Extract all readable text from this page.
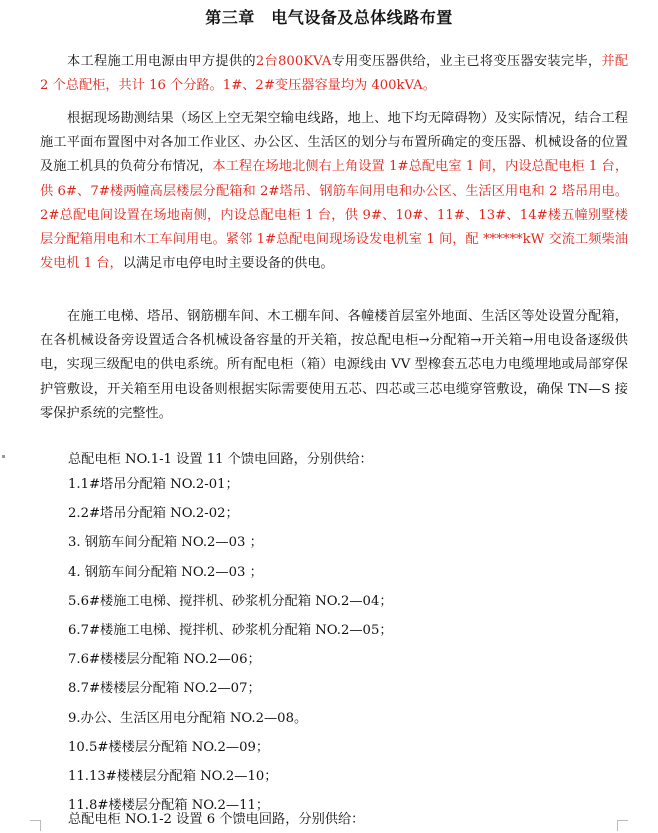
第三章　电气设备及总体线路布置

本工程施工用电源由甲方提供的2台800KVA专用变压器供给，业主已将变压器安装完毕，并配 2 个总配柜，共计 16 个分路。1#、2#变压器容量均为 400kVA。

根据现场勘测结果（场区上空无架空输电线路，地上、地下均无障碍物）及实际情况，结合工程施工平面布置图中对各加工作业区、办公区、生活区的划分与布置所确定的变压器、机械设备的位置及施工机具的负荷分布情况，本工程在场地北侧右上角设置 1#总配电室 1 间，内设总配电柜 1 台，供 6#、7#楼两幢高层楼层分配箱和 2#塔吊、钢筋车间用电和办公区、生活区用电和 2 塔吊用电。2#总配电间设置在场地南侧，内设总配电柜 1 台，供 9#、10#、11#、13#、14#楼五幢别墅楼层分配箱用电和木工车间用电。紧邻 1#总配电间现场设发电机室 1 间，配 ******kW 交流工频柴油发电机 1 台，以满足市电停电时主要设备的供电。

在施工电梯、塔吊、钢筋棚车间、木工棚车间、各幢楼首层室外地面、生活区等处设置分配箱，在各机械设备旁设置适合各机械设备容量的开关箱，按总配电柜→分配箱→开关箱→用电设备逐级供电，实现三级配电的供电系统。所有配电柜（箱）电源线由 VV 型橡套五芯电力电缆埋地或局部穿保护管敷设，开关箱至用电设备则根据实际需要使用五芯、四芯或三芯电缆穿管敷设，确保 TN—S 接零保护系统的完整性。

总配电柜 NO.1-1 设置 11 个馈电回路，分别供给：

1.1#塔吊分配箱 NO.2-01；
2.2#塔吊分配箱 NO.2-02；
3. 钢筋车间分配箱 NO.2—03 ；
4. 钢筋车间分配箱 NO.2—03 ；
5.6#楼施工电梯、搅拌机、砂浆机分配箱 NO.2—04；
6.7#楼施工电梯、搅拌机、砂浆机分配箱 NO.2—05；
7.6#楼楼层分配箱 NO.2—06；
8.7#楼楼层分配箱 NO.2—07；
9.办公、生活区用电分配箱 NO.2—08。
10.5#楼楼层分配箱 NO.2—09；
11.13#楼楼层分配箱 NO.2—10；
11.8#楼楼层分配箱 NO.2—11；

总配电柜 NO.1-2 设置 6 个馈电回路，分别供给：
